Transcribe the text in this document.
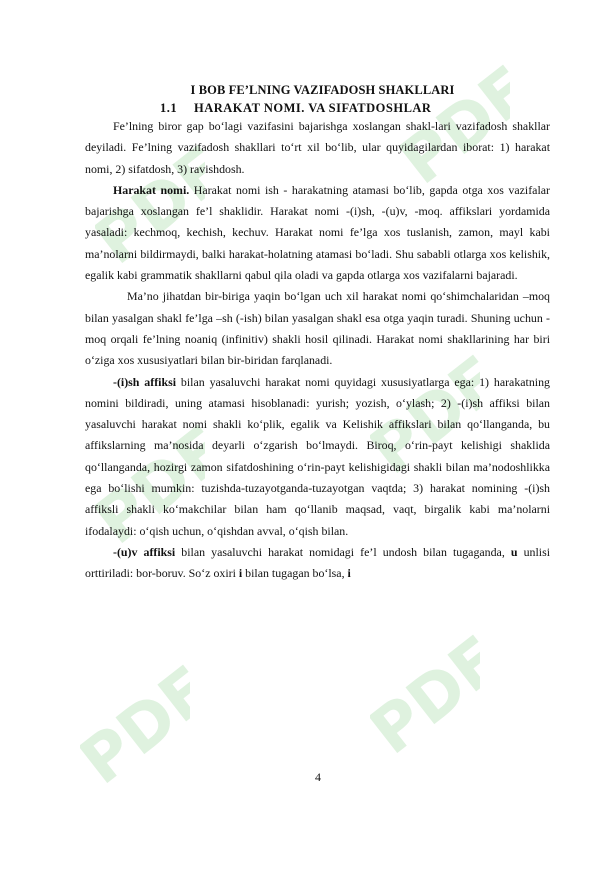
PDF
PDF
PDF
PDF
PDF
PDF
I BOB FE’LNING VAZIFADOSH SHAKLLARI
1.1 HARAKAT NOMI. VA SIFATDOSHLAR

Fe’lning biror gap bo‘lagi vazifasini bajarishga xoslangan shakl-lari vazifadosh shakllar deyiladi. Fe’lning vazifadosh shakllari to‘rt xil bo‘lib, ular quyidagilardan iborat: 1) harakat nomi, 2) sifatdosh, 3) ravishdosh.

Harakat nomi. Harakat nomi ish - harakatning atamasi bo‘lib, gapda otga xos vazifalar bajarishga xoslangan fe’l shaklidir. Harakat nomi -(i)sh, -(u)v, -moq. affikslari yordamida yasaladi: kechmoq, kechish, kechuv. Harakat nomi fe’lga xos tuslanish, zamon, mayl kabi ma’nolarni bildirmaydi, balki harakat-holatning atamasi bo‘ladi. Shu sababli otlarga xos kelishik, egalik kabi grammatik shakllarni qabul qila oladi va gapda otlarga xos vazifalarni bajaradi.

Ma’no jihatdan bir-biriga yaqin bo‘lgan uch xil harakat nomi qo‘shimchalaridan –moq bilan yasalgan shakl fe’lga –sh (-ish) bilan yasalgan shakl esa otga yaqin turadi. Shuning uchun -moq orqali fe’lning noaniq (infinitiv) shakli hosil qilinadi. Harakat nomi shakllarining har biri o‘ziga xos xususiyatlari bilan bir-biridan farqlanadi.

-(i)sh affiksi bilan yasaluvchi harakat nomi quyidagi xususiyatlarga ega: 1) harakatning nomini bildiradi, uning atamasi hisoblanadi: yurish; yozish, o‘ylash; 2) -(i)sh affiksi bilan yasaluvchi harakat nomi shakli ko‘plik, egalik va Kelishik affikslari bilan qo‘llanganda, bu affikslarning ma’nosida deyarli o‘zgarish bo‘lmaydi. Biroq, o‘rin-payt kelishigi shaklida qo‘llanganda, hozirgi zamon sifatdoshining o‘rin-payt kelishigidagi shakli bilan ma’nodoshlikka ega bo‘lishi mumkin: tuzishda-tuzayotganda-tuzayotgan vaqtda; 3) harakat nomining -(i)sh affiksli shakli ko‘makchilar bilan ham qo‘llanib maqsad, vaqt, birgalik kabi ma’nolarni ifodalaydi: o‘qish uchun, o‘qishdan avval, o‘qish bilan.

-(u)v affiksi bilan yasaluvchi harakat nomidagi fe’l undosh bilan tugaganda, u unlisi orttiriladi: bor-boruv. So‘z oxiri i bilan tugagan bo‘lsa, i

4
